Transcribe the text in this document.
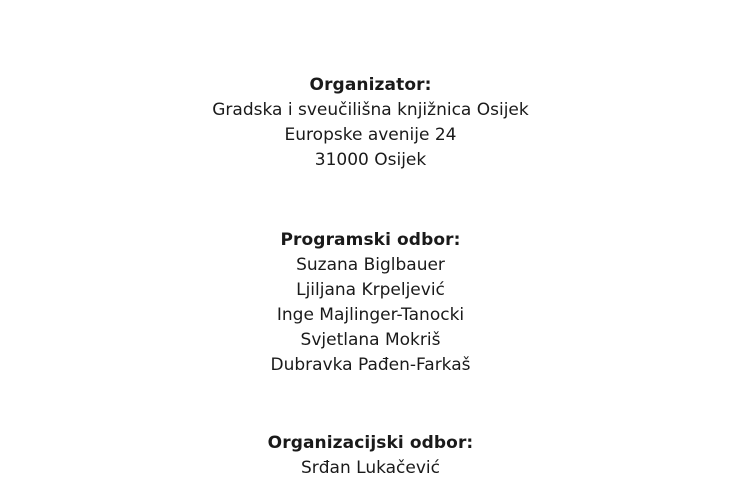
Organizator:
Gradska i sveučilišna knjižnica Osijek
Europske avenije 24
31000 Osijek
Programski odbor:
Suzana Biglbauer
Ljiljana Krpeljević
Inge Majlinger-Tanocki
Svjetlana Mokriš
Dubravka Pađen-Farkaš
Organizacijski odbor:
Srđan Lukačević
